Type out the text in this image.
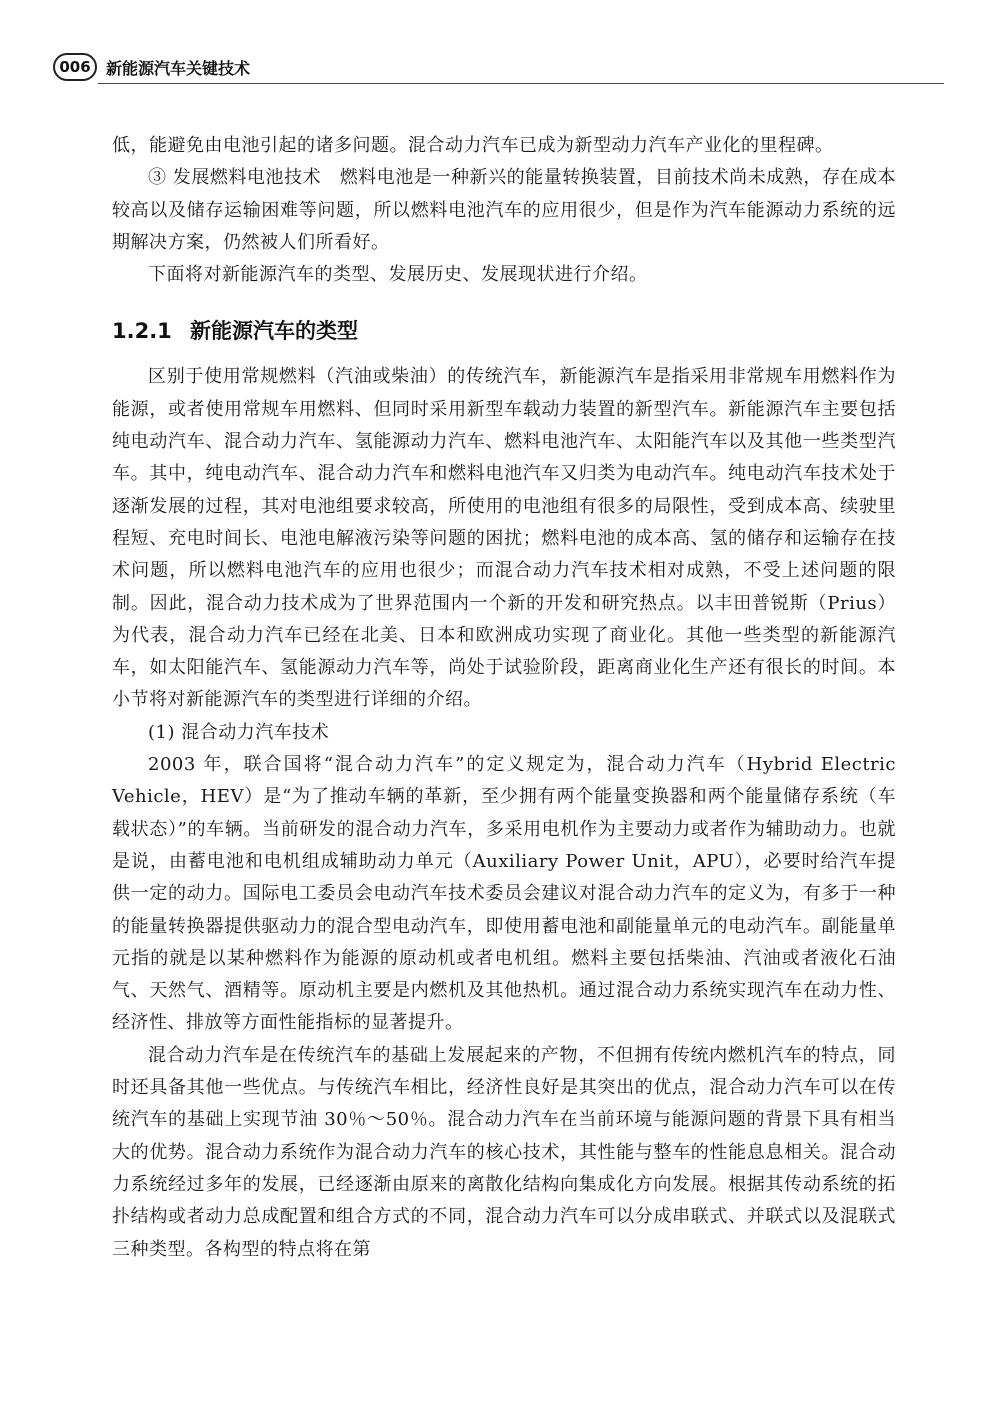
006 新能源汽车关键技术

低，能避免由电池引起的诸多问题。混合动力汽车已成为新型动力汽车产业化的里程碑。

③ 发展燃料电池技术　燃料电池是一种新兴的能量转换装置，目前技术尚未成熟，存在成本较高以及储存运输困难等问题，所以燃料电池汽车的应用很少，但是作为汽车能源动力系统的远期解决方案，仍然被人们所看好。

下面将对新能源汽车的类型、发展历史、发展现状进行介绍。

1.2.1 新能源汽车的类型

区别于使用常规燃料（汽油或柴油）的传统汽车，新能源汽车是指采用非常规车用燃料作为能源，或者使用常规车用燃料、但同时采用新型车载动力装置的新型汽车。新能源汽车主要包括纯电动汽车、混合动力汽车、氢能源动力汽车、燃料电池汽车、太阳能汽车以及其他一些类型汽车。其中，纯电动汽车、混合动力汽车和燃料电池汽车又归类为电动汽车。纯电动汽车技术处于逐渐发展的过程，其对电池组要求较高，所使用的电池组有很多的局限性，受到成本高、续驶里程短、充电时间长、电池电解液污染等问题的困扰；燃料电池的成本高、氢的储存和运输存在技术问题，所以燃料电池汽车的应用也很少；而混合动力汽车技术相对成熟，不受上述问题的限制。因此，混合动力技术成为了世界范围内一个新的开发和研究热点。以丰田普锐斯（Prius）为代表，混合动力汽车已经在北美、日本和欧洲成功实现了商业化。其他一些类型的新能源汽车，如太阳能汽车、氢能源动力汽车等，尚处于试验阶段，距离商业化生产还有很长的时间。本小节将对新能源汽车的类型进行详细的介绍。

(1) 混合动力汽车技术

2003 年，联合国将“混合动力汽车”的定义规定为，混合动力汽车（Hybrid Electric Vehicle，HEV）是“为了推动车辆的革新，至少拥有两个能量变换器和两个能量储存系统（车载状态）”的车辆。当前研发的混合动力汽车，多采用电机作为主要动力或者作为辅助动力。也就是说，由蓄电池和电机组成辅助动力单元（Auxiliary Power Unit，APU），必要时给汽车提供一定的动力。国际电工委员会电动汽车技术委员会建议对混合动力汽车的定义为，有多于一种的能量转换器提供驱动力的混合型电动汽车，即使用蓄电池和副能量单元的电动汽车。副能量单元指的就是以某种燃料作为能源的原动机或者电机组。燃料主要包括柴油、汽油或者液化石油气、天然气、酒精等。原动机主要是内燃机及其他热机。通过混合动力系统实现汽车在动力性、经济性、排放等方面性能指标的显著提升。

混合动力汽车是在传统汽车的基础上发展起来的产物，不但拥有传统内燃机汽车的特点，同时还具备其他一些优点。与传统汽车相比，经济性良好是其突出的优点，混合动力汽车可以在传统汽车的基础上实现节油 30％～50％。混合动力汽车在当前环境与能源问题的背景下具有相当大的优势。混合动力系统作为混合动力汽车的核心技术，其性能与整车的性能息息相关。混合动力系统经过多年的发展，已经逐渐由原来的离散化结构向集成化方向发展。根据其传动系统的拓扑结构或者动力总成配置和组合方式的不同，混合动力汽车可以分成串联式、并联式以及混联式三种类型。各构型的特点将在第
